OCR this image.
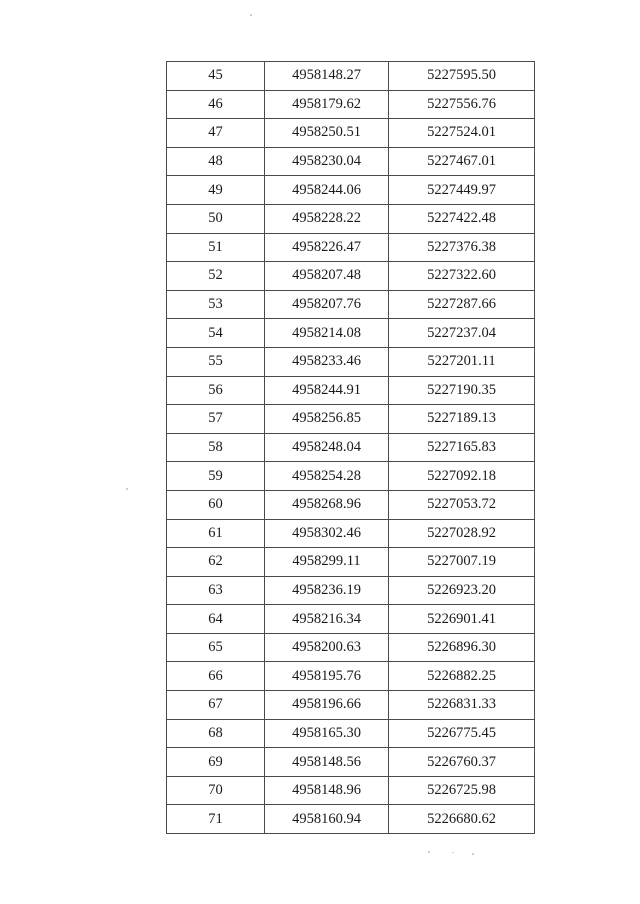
45	4958148.27	5227595.50
46	4958179.62	5227556.76
47	4958250.51	5227524.01
48	4958230.04	5227467.01
49	4958244.06	5227449.97
50	4958228.22	5227422.48
51	4958226.47	5227376.38
52	4958207.48	5227322.60
53	4958207.76	5227287.66
54	4958214.08	5227237.04
55	4958233.46	5227201.11
56	4958244.91	5227190.35
57	4958256.85	5227189.13
58	4958248.04	5227165.83
59	4958254.28	5227092.18
60	4958268.96	5227053.72
61	4958302.46	5227028.92
62	4958299.11	5227007.19
63	4958236.19	5226923.20
64	4958216.34	5226901.41
65	4958200.63	5226896.30
66	4958195.76	5226882.25
67	4958196.66	5226831.33
68	4958165.30	5226775.45
69	4958148.56	5226760.37
70	4958148.96	5226725.98
71	4958160.94	5226680.62
